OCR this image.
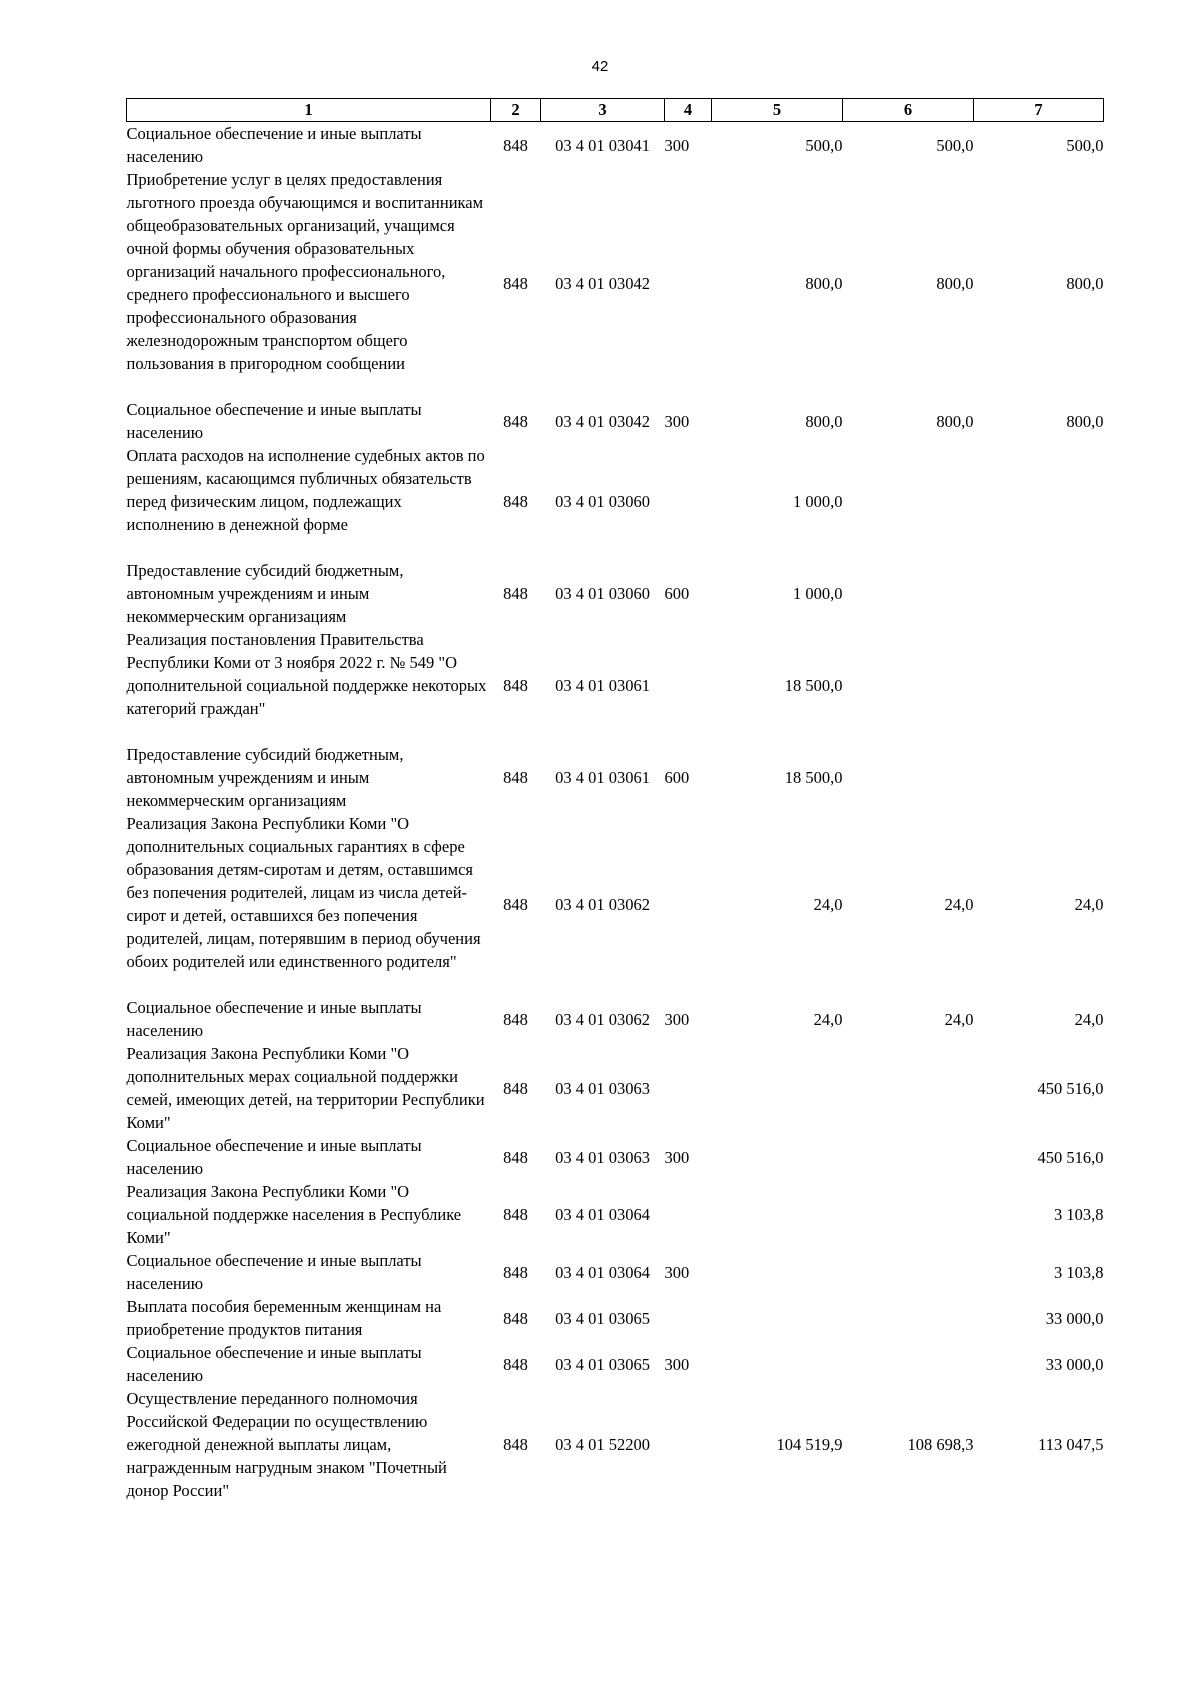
42
1	2	3	4	5	6	7
Социальное обеспечение и иные выплаты населению	848	03 4 01 03041	300	500,0	500,0	500,0
Приобретение услуг в целях предоставления льготного проезда обучающимся и воспитанникам общеобразовательных организаций, учащимся очной формы обучения образовательных организаций начального профессионального, среднего профессионального и высшего профессионального образования железнодорожным транспортом общего пользования в пригородном сообщении	848	03 4 01 03042		800,0	800,0	800,0
Социальное обеспечение и иные выплаты населению	848	03 4 01 03042	300	800,0	800,0	800,0
Оплата расходов на исполнение судебных актов по решениям, касающимся публичных обязательств перед физическим лицом, подлежащих исполнению в денежной форме	848	03 4 01 03060		1 000,0		
Предоставление субсидий бюджетным, автономным учреждениям и иным некоммерческим организациям	848	03 4 01 03060	600	1 000,0		
Реализация постановления Правительства Республики Коми от 3 ноября 2022 г. № 549 "О дополнительной социальной поддержке некоторых категорий граждан"	848	03 4 01 03061		18 500,0		
Предоставление субсидий бюджетным, автономным учреждениям и иным некоммерческим организациям	848	03 4 01 03061	600	18 500,0		
Реализация Закона Республики Коми "О дополнительных социальных гарантиях в сфере образования детям-сиротам и детям, оставшимся без попечения родителей, лицам из числа детей-сирот и детей, оставшихся без попечения родителей, лицам, потерявшим в период обучения обоих родителей или единственного родителя"	848	03 4 01 03062		24,0	24,0	24,0
Социальное обеспечение и иные выплаты населению	848	03 4 01 03062	300	24,0	24,0	24,0
Реализация Закона Республики Коми "О дополнительных мерах социальной поддержки семей, имеющих детей, на территории Республики Коми"	848	03 4 01 03063				450 516,0
Социальное обеспечение и иные выплаты населению	848	03 4 01 03063	300			450 516,0
Реализация Закона Республики Коми "О социальной поддержке населения в Республике Коми"	848	03 4 01 03064				3 103,8
Социальное обеспечение и иные выплаты населению	848	03 4 01 03064	300			3 103,8
Выплата пособия беременным женщинам на приобретение продуктов питания	848	03 4 01 03065				33 000,0
Социальное обеспечение и иные выплаты населению	848	03 4 01 03065	300			33 000,0
Осуществление переданного полномочия Российской Федерации по осуществлению ежегодной денежной выплаты лицам, награжденным нагрудным знаком "Почетный донор России"	848	03 4 01 52200		104 519,9	108 698,3	113 047,5
